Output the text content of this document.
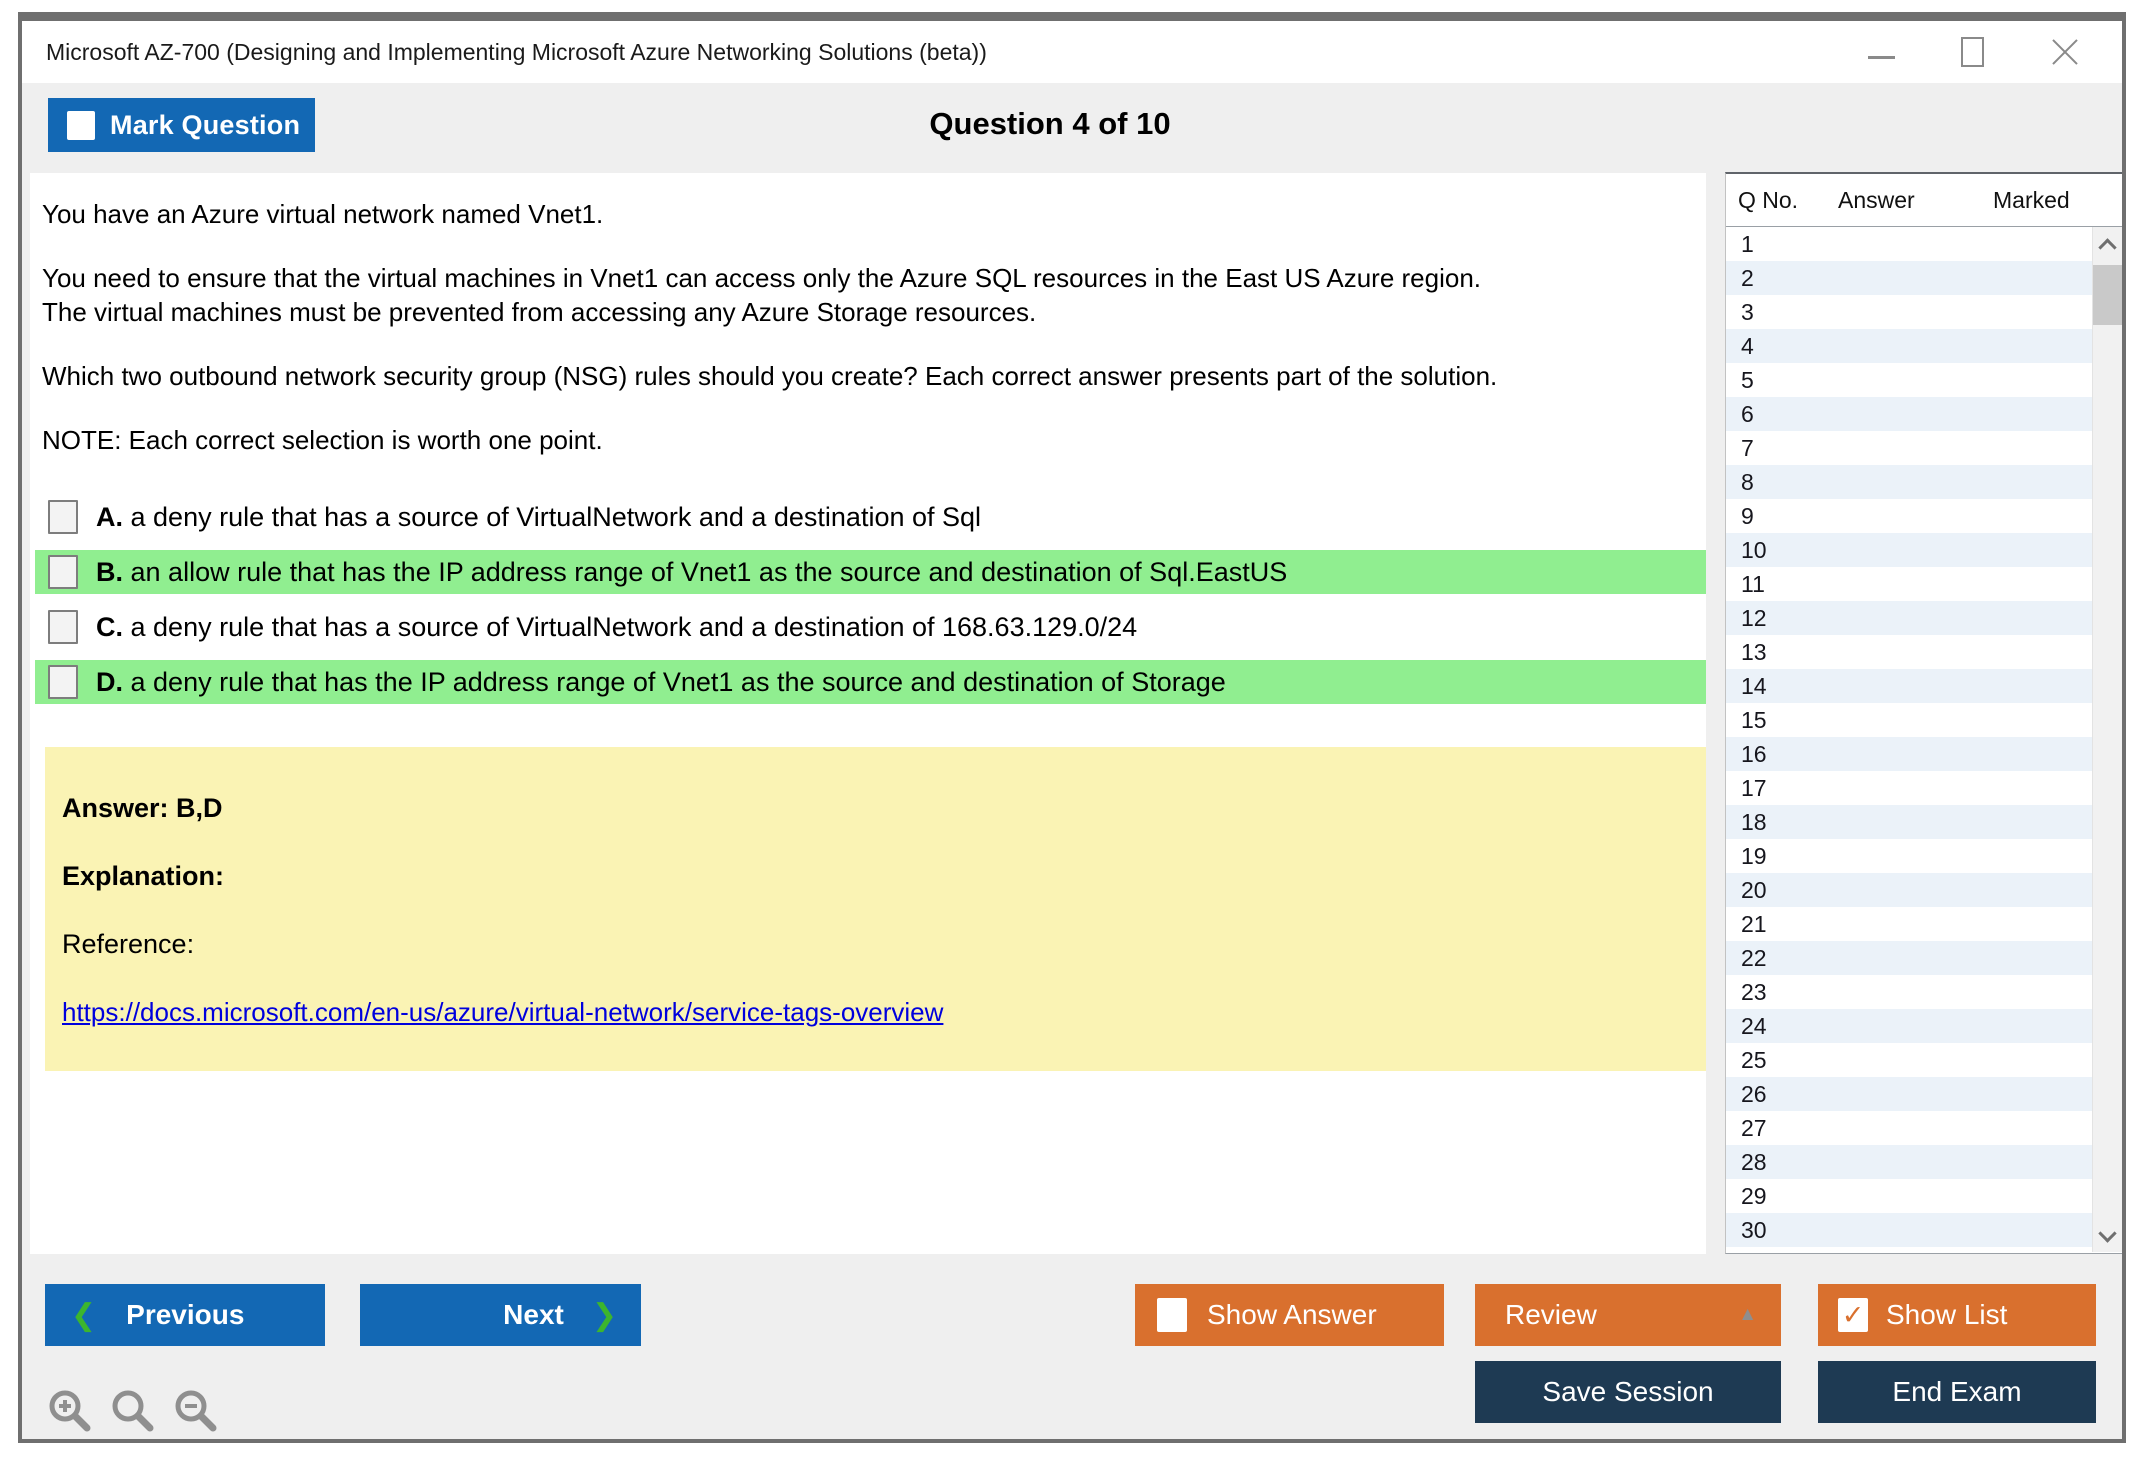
Microsoft AZ-700 (Designing and Implementing Microsoft Azure Networking Solutions (beta))
Mark Question	Question 4 of 10

You have an Azure virtual network named Vnet1.

You need to ensure that the virtual machines in Vnet1 can access only the Azure SQL resources in the East US Azure region.

The virtual machines must be prevented from accessing any Azure Storage resources.

Which two outbound network security group (NSG) rules should you create? Each correct answer presents part of the solution.

NOTE: Each correct selection is worth one point.

A. a deny rule that has a source of VirtualNetwork and a destination of Sql
B. an allow rule that has the IP address range of Vnet1 as the source and destination of Sql.EastUS
C. a deny rule that has a source of VirtualNetwork and a destination of 168.63.129.0/24
D. a deny rule that has the IP address range of Vnet1 as the source and destination of Storage
Answer: B,D
Explanation:
Reference:
https://docs.microsoft.com/en-us/azure/virtual-network/service-tags-overview
Q No.	Answer	Marked
1
2
3
4
5
6
7
8
9
10
11
12
13
14
15
16
17
18
19
20
21
22
23
24
25
26
27
28
29
30
❮ Previous	Next ❯	Show Answer	Review	▲	✓ Show List
Save Session	End Exam
